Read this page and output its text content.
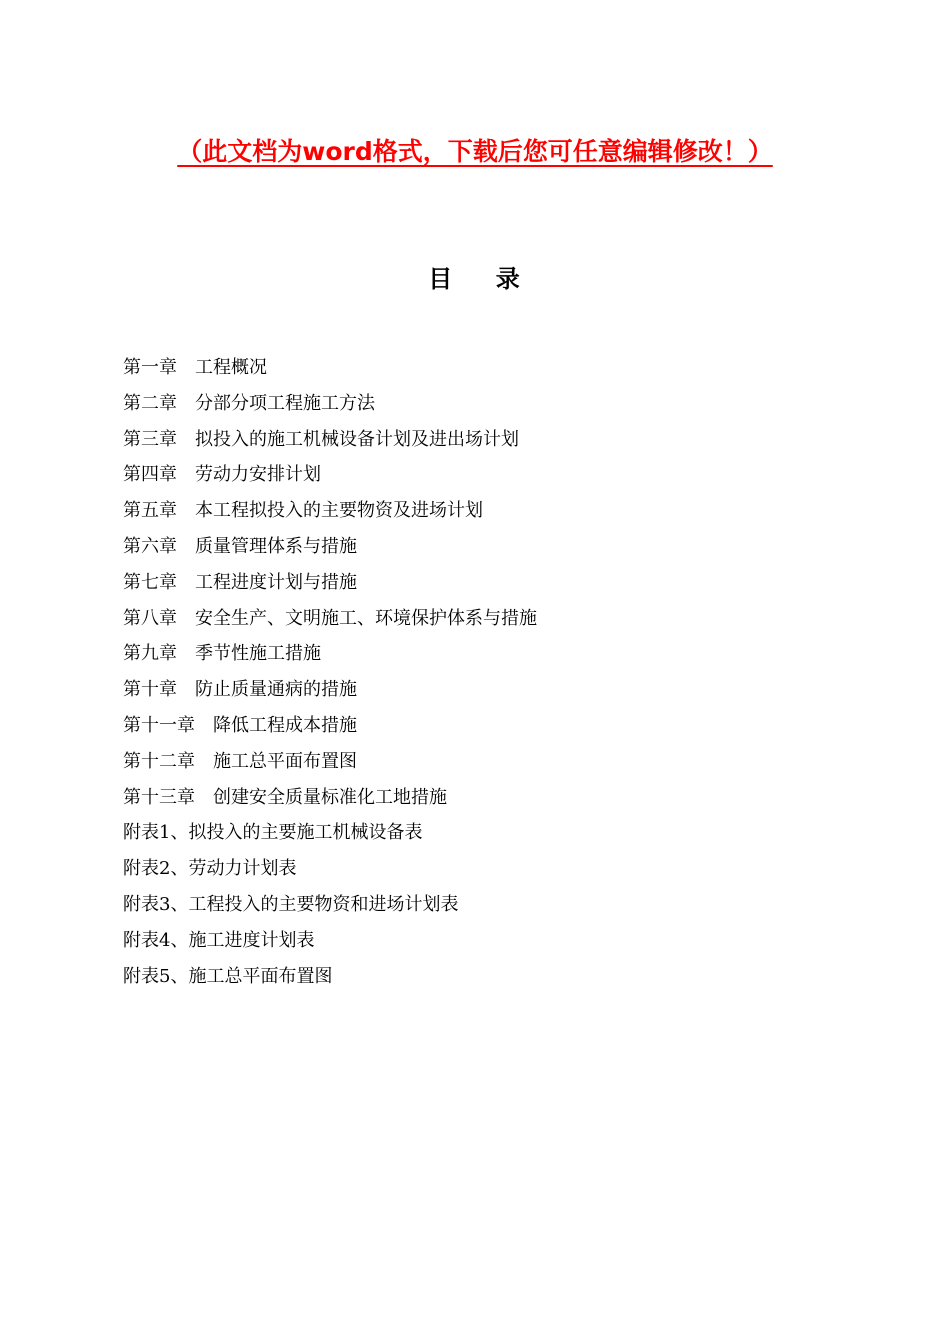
（此文档为word格式，下载后您可任意编辑修改！）
目    录
第一章　工程概况
第二章　分部分项工程施工方法
第三章　拟投入的施工机械设备计划及进出场计划
第四章　劳动力安排计划
第五章　本工程拟投入的主要物资及进场计划
第六章　质量管理体系与措施
第七章　工程进度计划与措施
第八章　安全生产、文明施工、环境保护体系与措施
第九章　季节性施工措施
第十章　防止质量通病的措施
第十一章　降低工程成本措施
第十二章　施工总平面布置图
第十三章　创建安全质量标准化工地措施
附表1、拟投入的主要施工机械设备表
附表2、劳动力计划表
附表3、工程投入的主要物资和进场计划表
附表4、施工进度计划表
附表5、施工总平面布置图
